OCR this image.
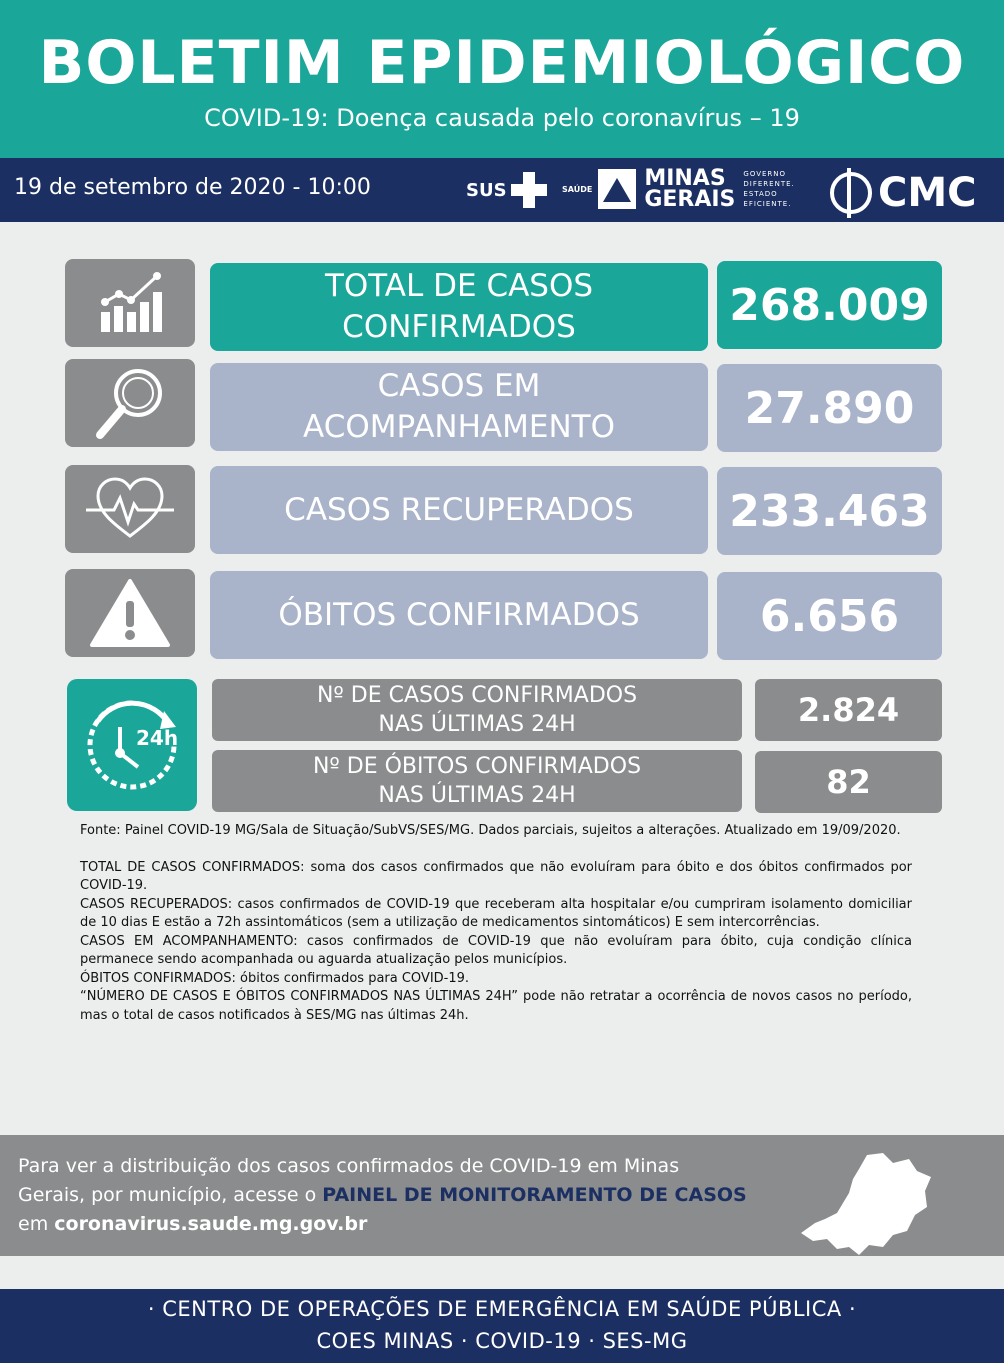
BOLETIM EPIDEMIOLÓGICO
COVID-19: Doença causada pelo coronavírus – 19
19 de setembro de 2020 - 10:00	SUS	SAÚDE MINAS
GERAIS
GOVERNO
DIFERENTE.
ESTADO
EFICIENTE. CMC
TOTAL DE CASOS
CONFIRMADOS	268.009
CASOS EM
ACOMPANHAMENTO	27.890
CASOS RECUPERADOS 233.463
ÓBITOS CONFIRMADOS	6.656
24h
Nº DE CASOS CONFIRMADOS
NAS ÚLTIMAS 24H	2.824
Nº DE ÓBITOS CONFIRMADOS
NAS ÚLTIMAS 24H	82

Fonte: Painel COVID-19 MG/Sala de Situação/SubVS/SES/MG. Dados parciais, sujeitos a alterações. Atualizado em 19/09/2020.

TOTAL DE CASOS CONFIRMADOS: soma dos casos confirmados que não evoluíram para óbito e dos óbitos confirmados por COVID-19.

CASOS RECUPERADOS: casos confirmados de COVID-19 que receberam alta hospitalar e/ou cumpriram isolamento domiciliar de 10 dias E estão a 72h assintomáticos (sem a utilização de medicamentos sintomáticos) E sem intercorrências.

CASOS EM ACOMPANHAMENTO: casos confirmados de COVID-19 que não evoluíram para óbito, cuja condição clínica permanece sendo acompanhada ou aguarda atualização pelos municípios.

ÓBITOS CONFIRMADOS: óbitos confirmados para COVID-19.

“NÚMERO DE CASOS E ÓBITOS CONFIRMADOS NAS ÚLTIMAS 24H” pode não retratar a ocorrência de novos casos no período, mas o total de casos notificados à SES/MG nas últimas 24h.

Para ver a distribuição dos casos confirmados de COVID-19 em Minas
Gerais, por município, acesse o PAINEL DE MONITORAMENTO DE CASOS
em coronavirus.saude.mg.gov.br
· CENTRO DE OPERAÇÕES DE EMERGÊNCIA EM SAÚDE PÚBLICA ·
COES MINAS · COVID-19 · SES-MG
